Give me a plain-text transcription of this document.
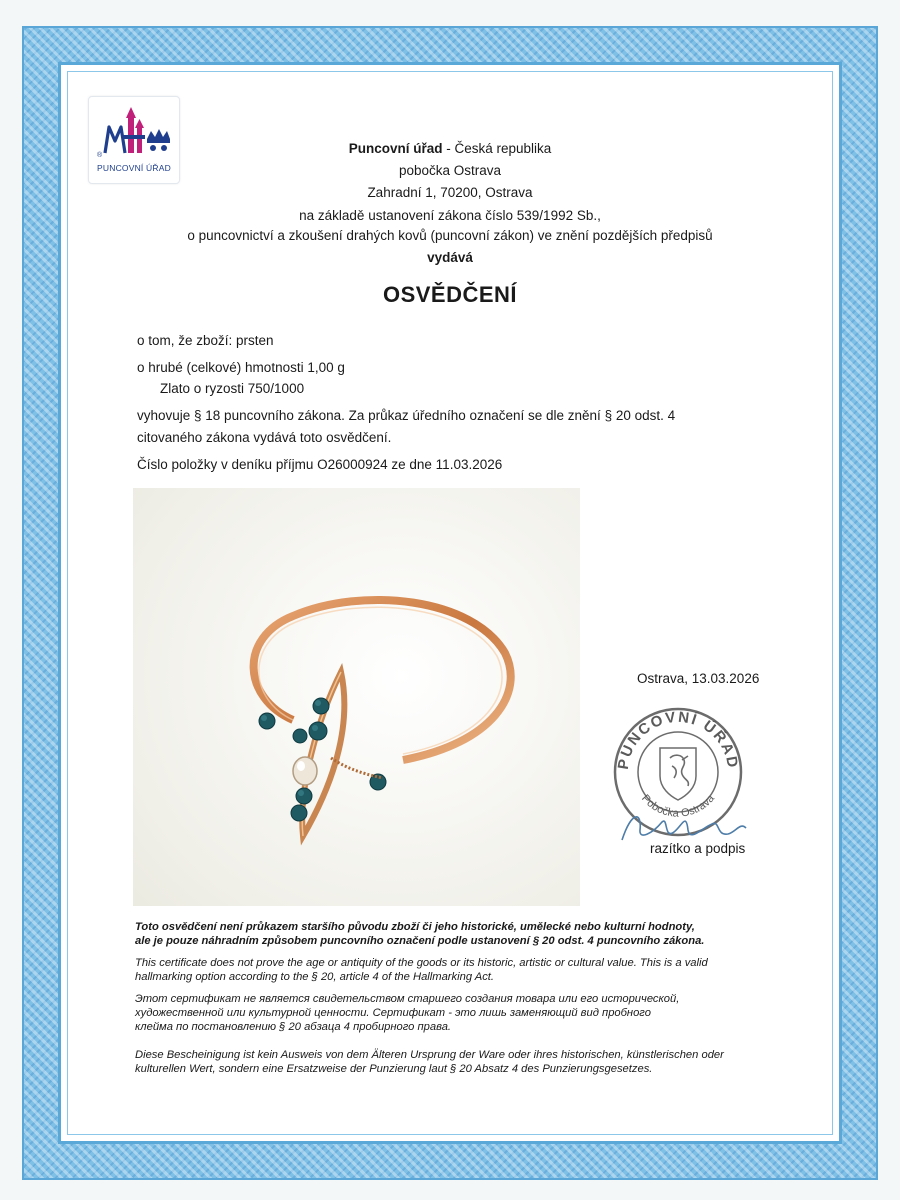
®
PUNCOVNÍ ÚŘAD
Puncovní úřad - Česká republika
pobočka Ostrava
Zahradní 1, 70200, Ostrava
na základě ustanovení zákona číslo 539/1992 Sb.,
o puncovnictví a zkoušení drahých kovů (puncovní zákon) ve znění pozdějších předpisů
vydává
OSVĚDČENÍ
o tom, že zboží: prsten
o hrubé (celkové) hmotnosti 1,00 g
Zlato o ryzosti 750/1000
vyhovuje § 18 puncovního zákona. Za průkaz úředního označení se dle znění § 20 odst. 4
citovaného zákona vydává toto osvědčení.
Číslo položky v deníku příjmu O26000924 ze dne 11.03.2026
Ostrava, 13.03.2026
PUNCOVNÍ ÚŘAD
Pobočka Ostrava
razítko a podpis
Toto osvědčení není průkazem staršího původu zboží či jeho historické, umělecké nebo kulturní hodnoty,
ale je pouze náhradním způsobem puncovního označení podle ustanovení § 20 odst. 4 puncovního zákona.
This certificate does not prove the age or antiquity of the goods or its historic, artistic or cultural value. This is a valid
hallmarking option according to the § 20, article 4 of the Hallmarking Act.
Этот сертификат не является свидетельством старшего создания товара или его исторической,
художественной или культурной ценности. Сертификат - это лишь заменяющий вид пробного
клейма по постановлению § 20 абзаца 4 пробирного права.
Diese Bescheinigung ist kein Ausweis von dem Älteren Ursprung der Ware oder ihres historischen, künstlerischen oder
kulturellen Wert, sondern eine Ersatzweise der Punzierung laut § 20 Absatz 4 des Punzierungsgesetzes.
